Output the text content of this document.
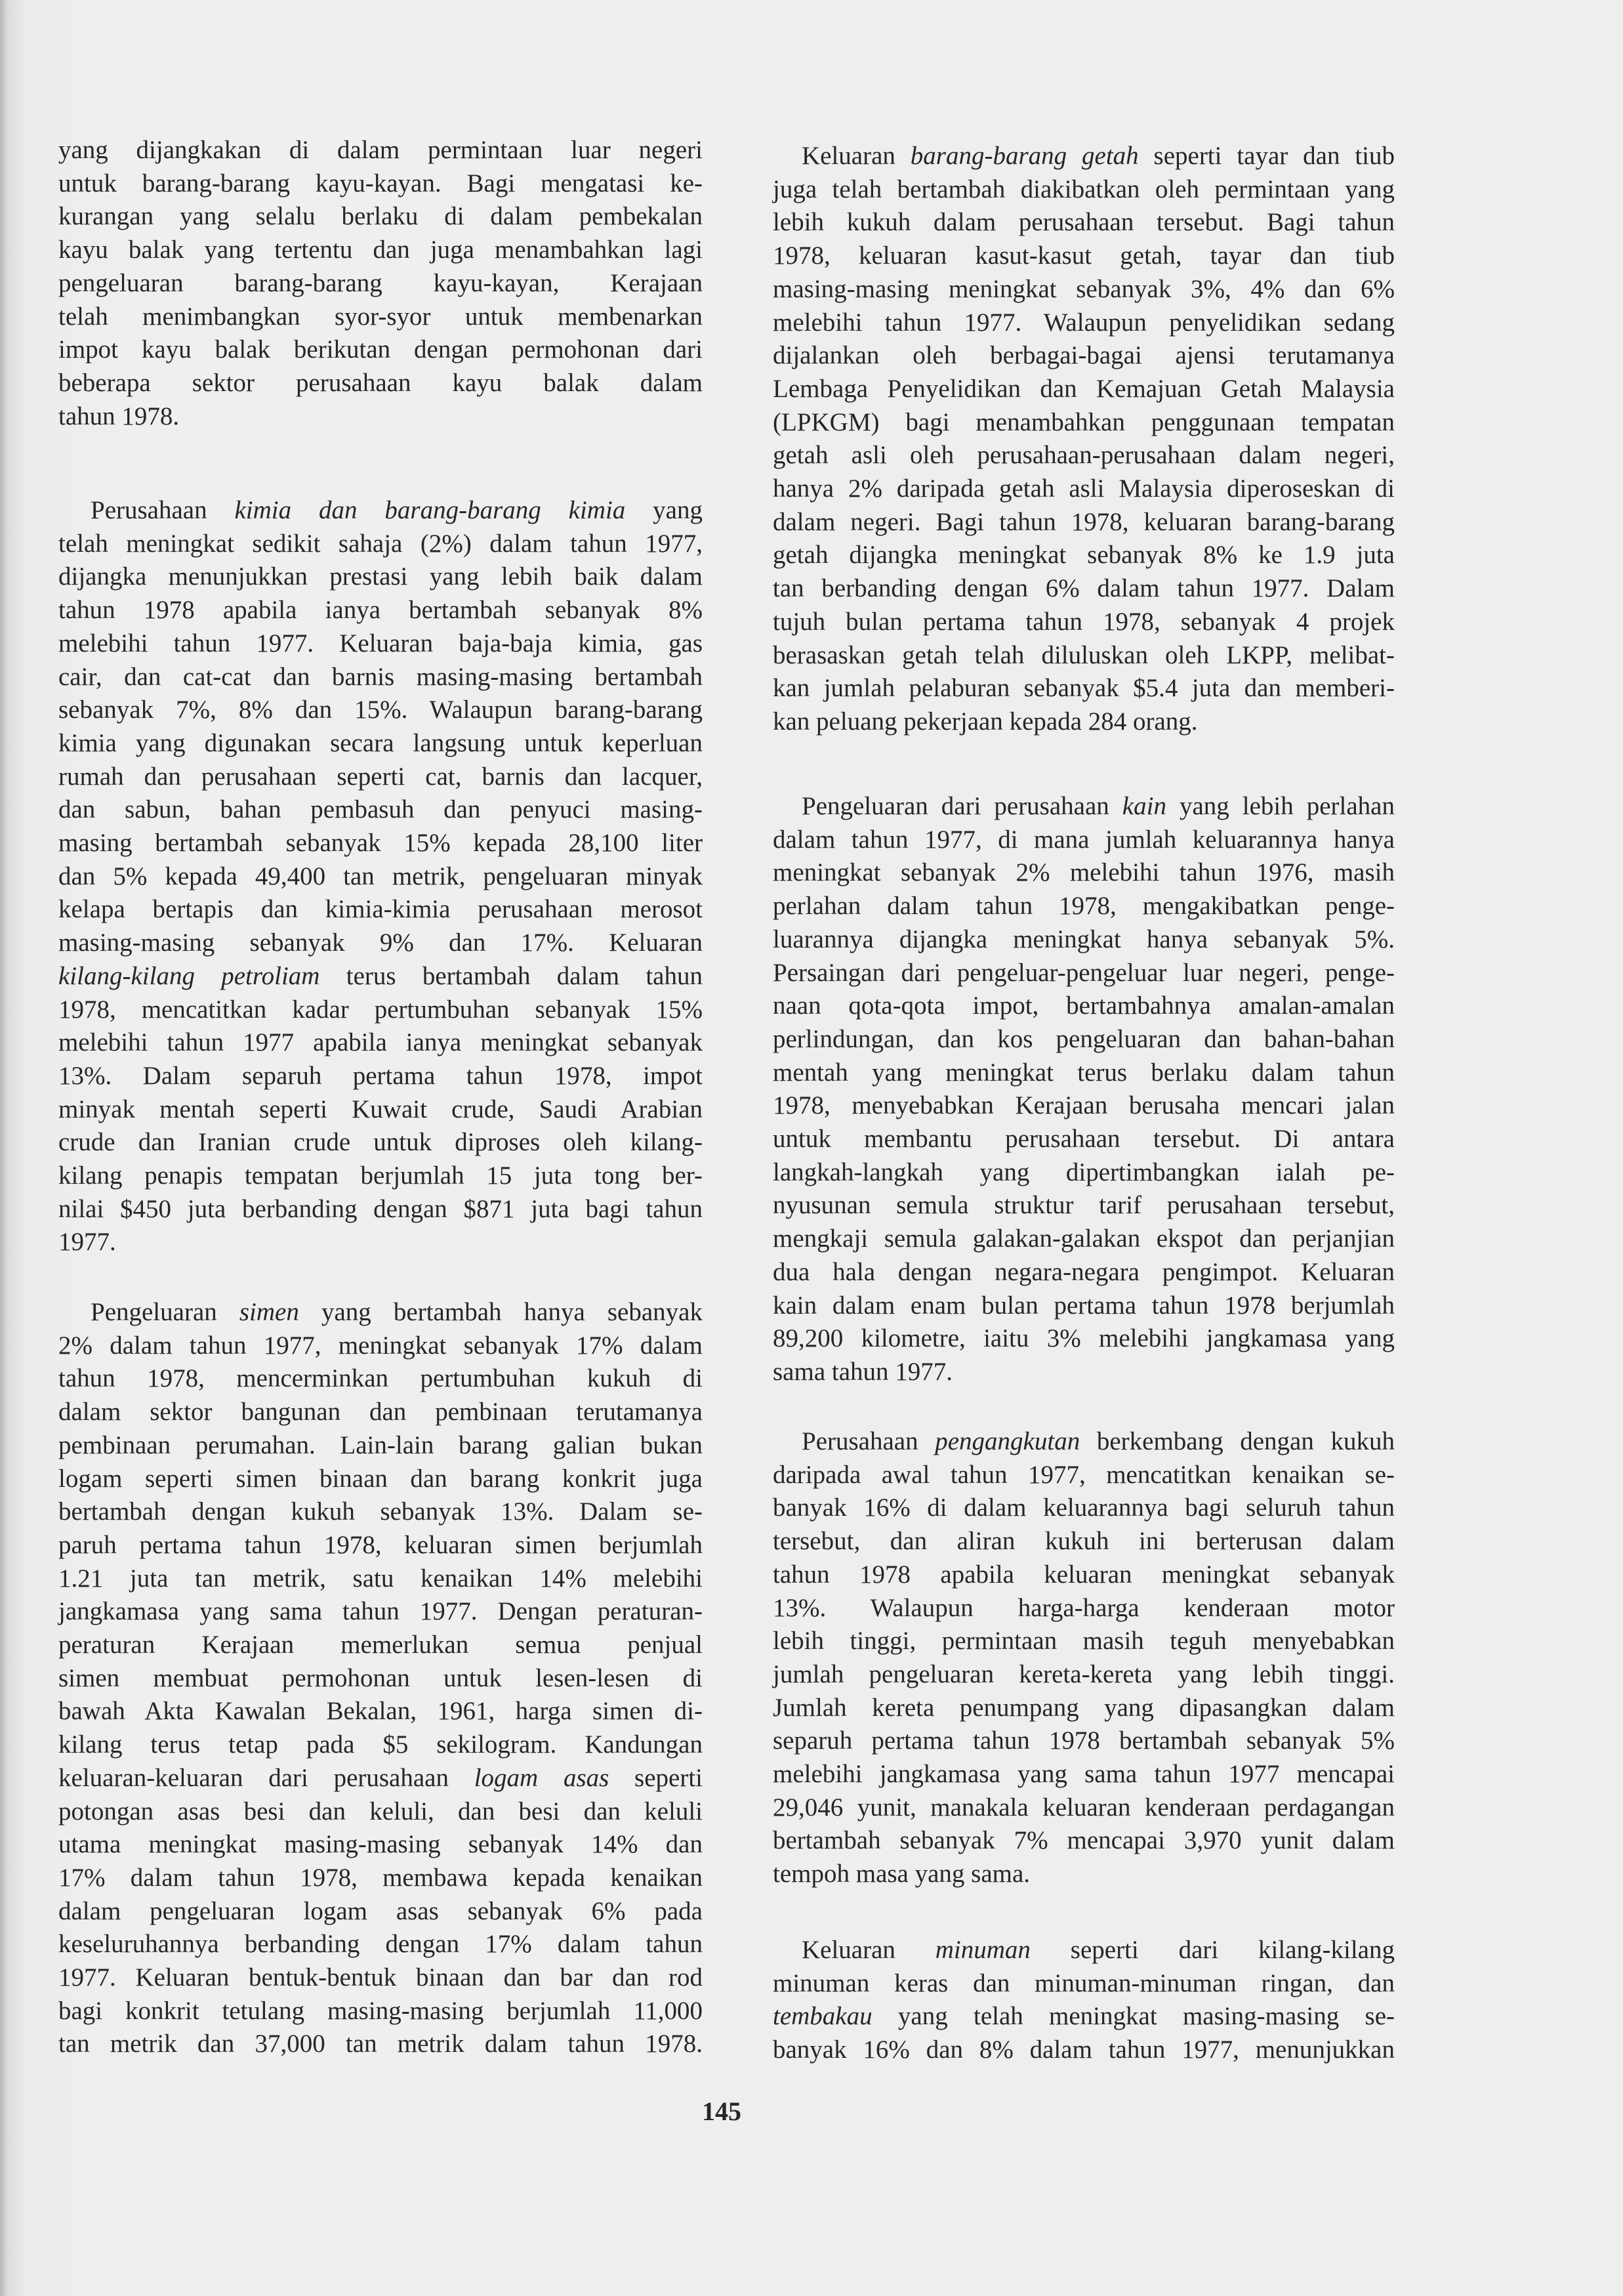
yang dijangkakan di dalam permintaan luar negeri
untuk barang-barang kayu-kayan. Bagi mengatasi ke-
kurangan yang selalu berlaku di dalam pembekalan
kayu balak yang tertentu dan juga menambahkan lagi
pengeluaran barang-barang kayu-kayan, Kerajaan
telah menimbangkan syor-syor untuk membenarkan
impot kayu balak berikutan dengan permohonan dari
beberapa sektor perusahaan kayu balak dalam
tahun 1978.
Perusahaan kimia dan barang-barang kimia yang
telah meningkat sedikit sahaja (2%) dalam tahun 1977,
dijangka menunjukkan prestasi yang lebih baik dalam
tahun 1978 apabila ianya bertambah sebanyak 8%
melebihi tahun 1977. Keluaran baja-baja kimia, gas
cair, dan cat-cat dan barnis masing-masing bertambah
sebanyak 7%, 8% dan 15%. Walaupun barang-barang
kimia yang digunakan secara langsung untuk keperluan
rumah dan perusahaan seperti cat, barnis dan lacquer,
dan sabun, bahan pembasuh dan penyuci masing-
masing bertambah sebanyak 15% kepada 28,100 liter
dan 5% kepada 49,400 tan metrik, pengeluaran minyak
kelapa bertapis dan kimia-kimia perusahaan merosot
masing-masing sebanyak 9% dan 17%. Keluaran
kilang-kilang petroliam terus bertambah dalam tahun
1978, mencatitkan kadar pertumbuhan sebanyak 15%
melebihi tahun 1977 apabila ianya meningkat sebanyak
13%. Dalam separuh pertama tahun 1978, impot
minyak mentah seperti Kuwait crude, Saudi Arabian
crude dan Iranian crude untuk diproses oleh kilang-
kilang penapis tempatan berjumlah 15 juta tong ber-
nilai $450 juta berbanding dengan $871 juta bagi tahun
1977.
Pengeluaran simen yang bertambah hanya sebanyak
2% dalam tahun 1977, meningkat sebanyak 17% dalam
tahun 1978, mencerminkan pertumbuhan kukuh di
dalam sektor bangunan dan pembinaan terutamanya
pembinaan perumahan. Lain-lain barang galian bukan
logam seperti simen binaan dan barang konkrit juga
bertambah dengan kukuh sebanyak 13%. Dalam se-
paruh pertama tahun 1978, keluaran simen berjumlah
1.21 juta tan metrik, satu kenaikan 14% melebihi
jangkamasa yang sama tahun 1977. Dengan peraturan-
peraturan Kerajaan memerlukan semua penjual
simen membuat permohonan untuk lesen-lesen di
bawah Akta Kawalan Bekalan, 1961, harga simen di-
kilang terus tetap pada $5 sekilogram. Kandungan
keluaran-keluaran dari perusahaan logam asas seperti
potongan asas besi dan keluli, dan besi dan keluli
utama meningkat masing-masing sebanyak 14% dan
17% dalam tahun 1978, membawa kepada kenaikan
dalam pengeluaran logam asas sebanyak 6% pada
keseluruhannya berbanding dengan 17% dalam tahun
1977. Keluaran bentuk-bentuk binaan dan bar dan rod
bagi konkrit tetulang masing-masing berjumlah 11,000
tan metrik dan 37,000 tan metrik dalam tahun 1978.
Keluaran barang-barang getah seperti tayar dan tiub
juga telah bertambah diakibatkan oleh permintaan yang
lebih kukuh dalam perusahaan tersebut. Bagi tahun
1978, keluaran kasut-kasut getah, tayar dan tiub
masing-masing meningkat sebanyak 3%, 4% dan 6%
melebihi tahun 1977. Walaupun penyelidikan sedang
dijalankan oleh berbagai-bagai ajensi terutamanya
Lembaga Penyelidikan dan Kemajuan Getah Malaysia
(LPKGM) bagi menambahkan penggunaan tempatan
getah asli oleh perusahaan-perusahaan dalam negeri,
hanya 2% daripada getah asli Malaysia diperoseskan di
dalam negeri. Bagi tahun 1978, keluaran barang-barang
getah dijangka meningkat sebanyak 8% ke 1.9 juta
tan berbanding dengan 6% dalam tahun 1977. Dalam
tujuh bulan pertama tahun 1978, sebanyak 4 projek
berasaskan getah telah diluluskan oleh LKPP, melibat-
kan jumlah pelaburan sebanyak $5.4 juta dan memberi-
kan peluang pekerjaan kepada 284 orang.
Pengeluaran dari perusahaan kain yang lebih perlahan
dalam tahun 1977, di mana jumlah keluarannya hanya
meningkat sebanyak 2% melebihi tahun 1976, masih
perlahan dalam tahun 1978, mengakibatkan penge-
luarannya dijangka meningkat hanya sebanyak 5%.
Persaingan dari pengeluar-pengeluar luar negeri, penge-
naan qota-qota impot, bertambahnya amalan-amalan
perlindungan, dan kos pengeluaran dan bahan-bahan
mentah yang meningkat terus berlaku dalam tahun
1978, menyebabkan Kerajaan berusaha mencari jalan
untuk membantu perusahaan tersebut. Di antara
langkah-langkah yang dipertimbangkan ialah pe-
nyusunan semula struktur tarif perusahaan tersebut,
mengkaji semula galakan-galakan ekspot dan perjanjian
dua hala dengan negara-negara pengimpot. Keluaran
kain dalam enam bulan pertama tahun 1978 berjumlah
89,200 kilometre, iaitu 3% melebihi jangkamasa yang
sama tahun 1977.
Perusahaan pengangkutan berkembang dengan kukuh
daripada awal tahun 1977, mencatitkan kenaikan se-
banyak 16% di dalam keluarannya bagi seluruh tahun
tersebut, dan aliran kukuh ini berterusan dalam
tahun 1978 apabila keluaran meningkat sebanyak
13%. Walaupun harga-harga kenderaan motor
lebih tinggi, permintaan masih teguh menyebabkan
jumlah pengeluaran kereta-kereta yang lebih tinggi.
Jumlah kereta penumpang yang dipasangkan dalam
separuh pertama tahun 1978 bertambah sebanyak 5%
melebihi jangkamasa yang sama tahun 1977 mencapai
29,046 yunit, manakala keluaran kenderaan perdagangan
bertambah sebanyak 7% mencapai 3,970 yunit dalam
tempoh masa yang sama.
Keluaran minuman seperti dari kilang-kilang
minuman keras dan minuman-minuman ringan, dan
tembakau yang telah meningkat masing-masing se-
banyak 16% dan 8% dalam tahun 1977, menunjukkan
145
